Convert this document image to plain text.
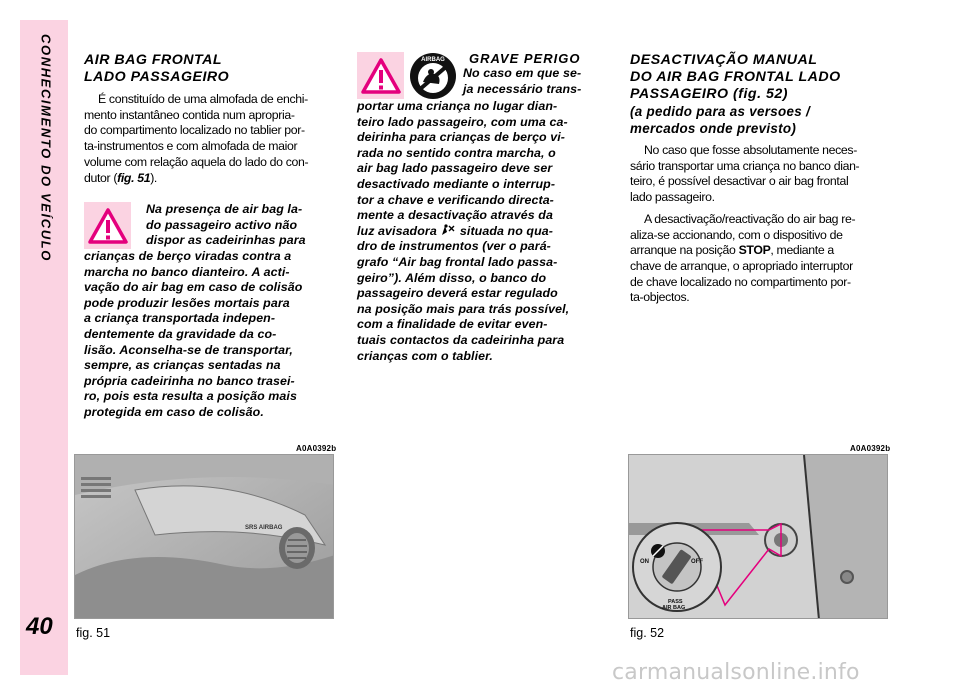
CONHECIMENTO DO VEÍCULO
40
AIR BAG FRONTAL
LADO PASSAGEIRO
É constituído de uma almofada de enchi-
mento instantâneo contida num apropria-
do compartimento localizado no tablier por-
ta-instrumentos e com almofada de maior
volume com relação aquela do lado do con-
dutor (fig. 51).
Na presença de air bag la-
do passageiro activo não
dispor as cadeirinhas para
crianças de berço viradas contra a
marcha no banco dianteiro. A acti-
vação do air bag em caso de colisão
pode produzir lesões mortais para
a criança transportada indepen-
dentemente da gravidade da co-
lisão. Aconselha-se de transportar,
sempre, as crianças sentadas na
própria cadeirinha no banco trasei-
ro, pois esta resulta a posição mais
protegida em caso de colisão.
AIRBAG GRAVE PERIGO
No caso em que se-
ja necessário trans-
portar uma criança no lugar dian-
teiro lado passageiro, com uma ca-
deirinha para crianças de berço vi-
rada no sentido contra marcha, o
air bag lado passageiro deve ser
desactivado mediante o interrup-
tor a chave e verificando directa-
mente a desactivação através da
luz avisadora situada no qua-
dro de instrumentos (ver o pará-
grafo “Air bag frontal lado passa-
geiro”). Além disso, o banco do
passageiro deverá estar regulado
na posição mais para trás possível,
com a finalidade de evitar even-
tuais contactos da cadeirinha para
crianças com o tablier.
DESACTIVAÇÃO MANUAL
DO AIR BAG FRONTAL LADO
PASSAGEIRO (fig. 52)
(a pedido para as versoes /
mercados onde previsto)
No caso que fosse absolutamente neces-
sário transportar uma criança no banco dian-
teiro, é possível desactivar o air bag frontal
lado passageiro.
A desactivação/reactivação do air bag re-
aliza-se accionando, com o dispositivo de
arranque na posição STOP, mediante a
chave de arranque, o apropriado interruptor
de chave localizado no compartimento por-
ta-objectos.
A0A0392b
SRS AIRBAG
fig. 51
A0A0392b
ON	OFF
PASS
AIR BAG
fig. 52
carmanualsonline.info
